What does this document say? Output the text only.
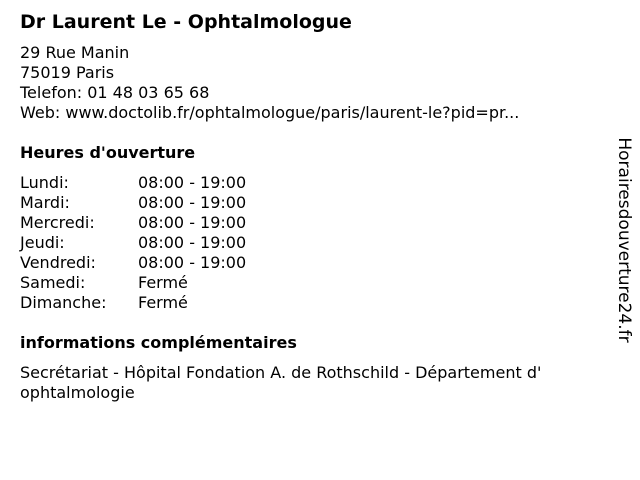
Dr Laurent Le - Ophtalmologue
29 Rue Manin
75019 Paris
Telefon: 01 48 03 65 68
Web: www.doctolib.fr/ophtalmologue/paris/laurent-le?pid=pr...
Heures d'ouverture
Lundi:	08:00 - 19:00
Mardi:	08:00 - 19:00
Mercredi:	08:00 - 19:00
Jeudi:	08:00 - 19:00
Vendredi:	08:00 - 19:00
Samedi:	Fermé
Dimanche:	Fermé
informations complémentaires
Secrétariat - Hôpital Fondation A. de Rothschild - Département d' ophtalmologie
Horairesdouverture24.fr
